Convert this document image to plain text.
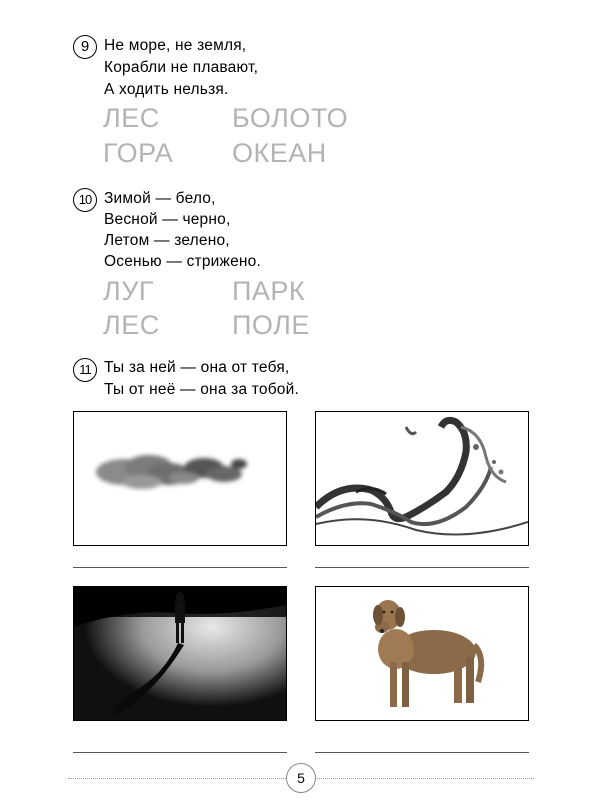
9 Не море, не земля,
Корабли не плавают,
А ходить нельзя.
ЛЕС	БОЛОТО
ГОРА ОКЕАН
10 Зимой — бело,
Весной — черно,
Летом — зелено,
Осенью — стрижено.
ЛУГ	ПАРК
ЛЕС	ПОЛЕ
11 Ты за ней — она от тебя,
Ты от неё — она за тобой.
5
